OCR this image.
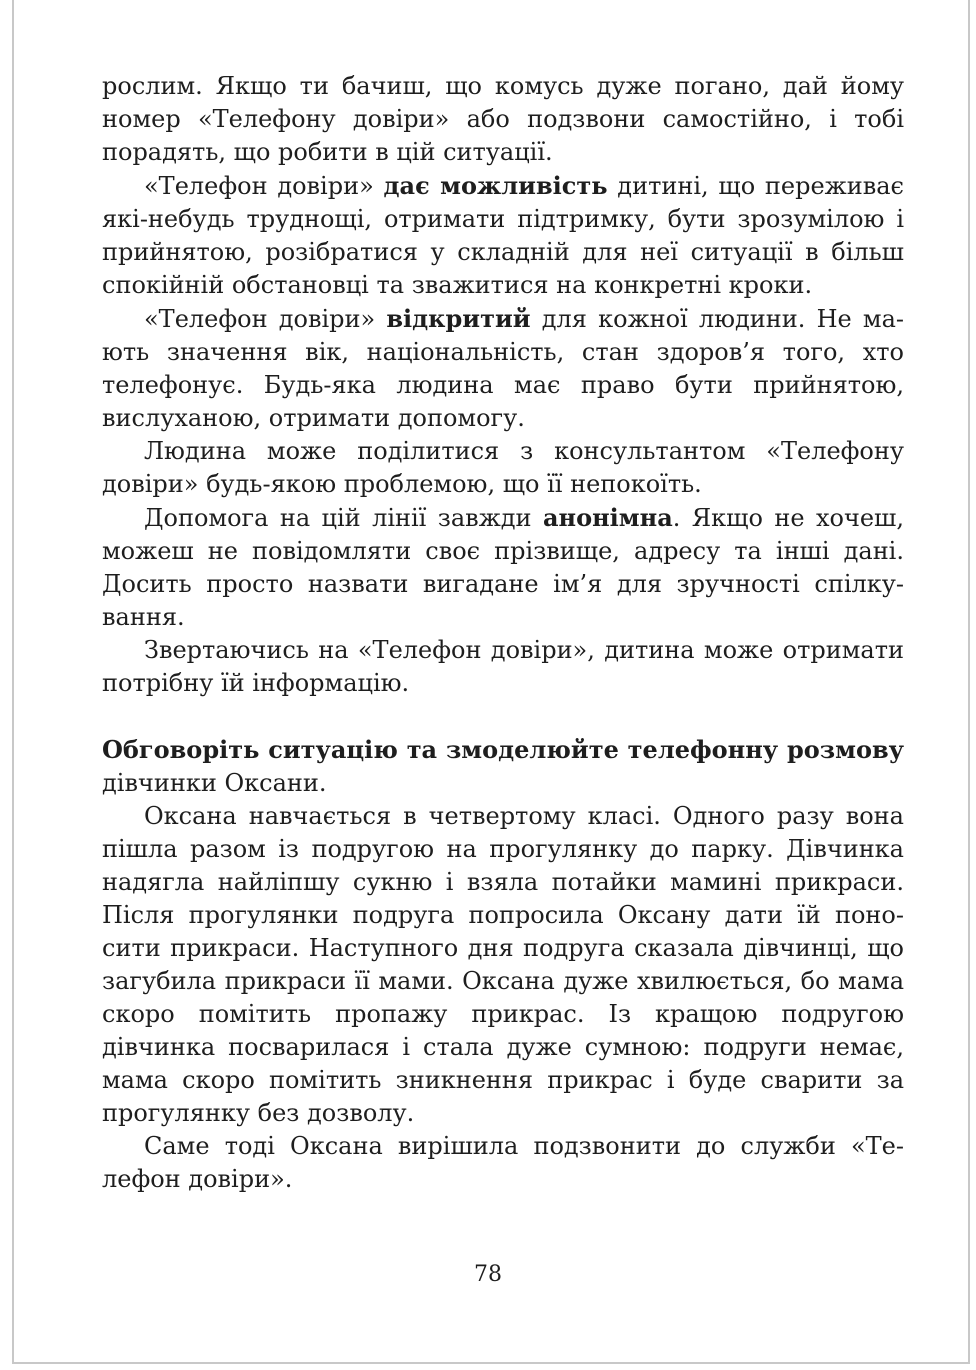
рослим. Якщо ти бачиш, що комусь дуже погано, дай йому номер «Телефону довіри» або подзвони самостійно, і тобі порадять, що робити в цій ситуації.

«Телефон довіри» дає можливість дитині, що переживає які-небудь труднощі, отримати підтримку, бути зрозумілою і прийнятою, розібратися у складній для неї ситуації в більш спокійній обстановці та зважитися на конкретні кроки.

«Телефон довіри» відкритий для кожної людини. Не мають значення вік, національність, стан здоров’я того, хто телефонує. Будь-яка людина має право бути прийнятою, вислуханою, отримати допомогу.

Людина може поділитися з консультантом «Телефону довіри» будь-якою проблемою, що її непокоїть.

Допомога на цій лінії завжди анонімна. Якщо не хочеш, можеш не повідомляти своє прізвище, адресу та інші дані. Досить просто назвати вигадане ім’я для зручності спілкування.

Звертаючись на «Телефон довіри», дитина може отримати потрібну їй інформацію.

Обговоріть ситуацію та змоделюйте телефонну розмову дівчинки Оксани.

Оксана навчається в четвертому класі. Одного разу вона пішла разом із подругою на прогулянку до парку. Дівчинка надягла найліпшу сукню і взяла потайки мамині прикраси. Після прогулянки подруга попросила Оксану дати їй поносити прикраси. Наступного дня подруга сказала дівчинці, що загубила прикраси її мами. Оксана дуже хвилюється, бо мама скоро помітить пропажу прикрас. Із кращою подругою дівчинка посварилася і стала дуже сумною: подруги немає, мама скоро помітить зникнення прикрас і буде сварити за прогулянку без дозволу.

Саме тоді Оксана вирішила подзвонити до служби «Телефон довіри».

78
